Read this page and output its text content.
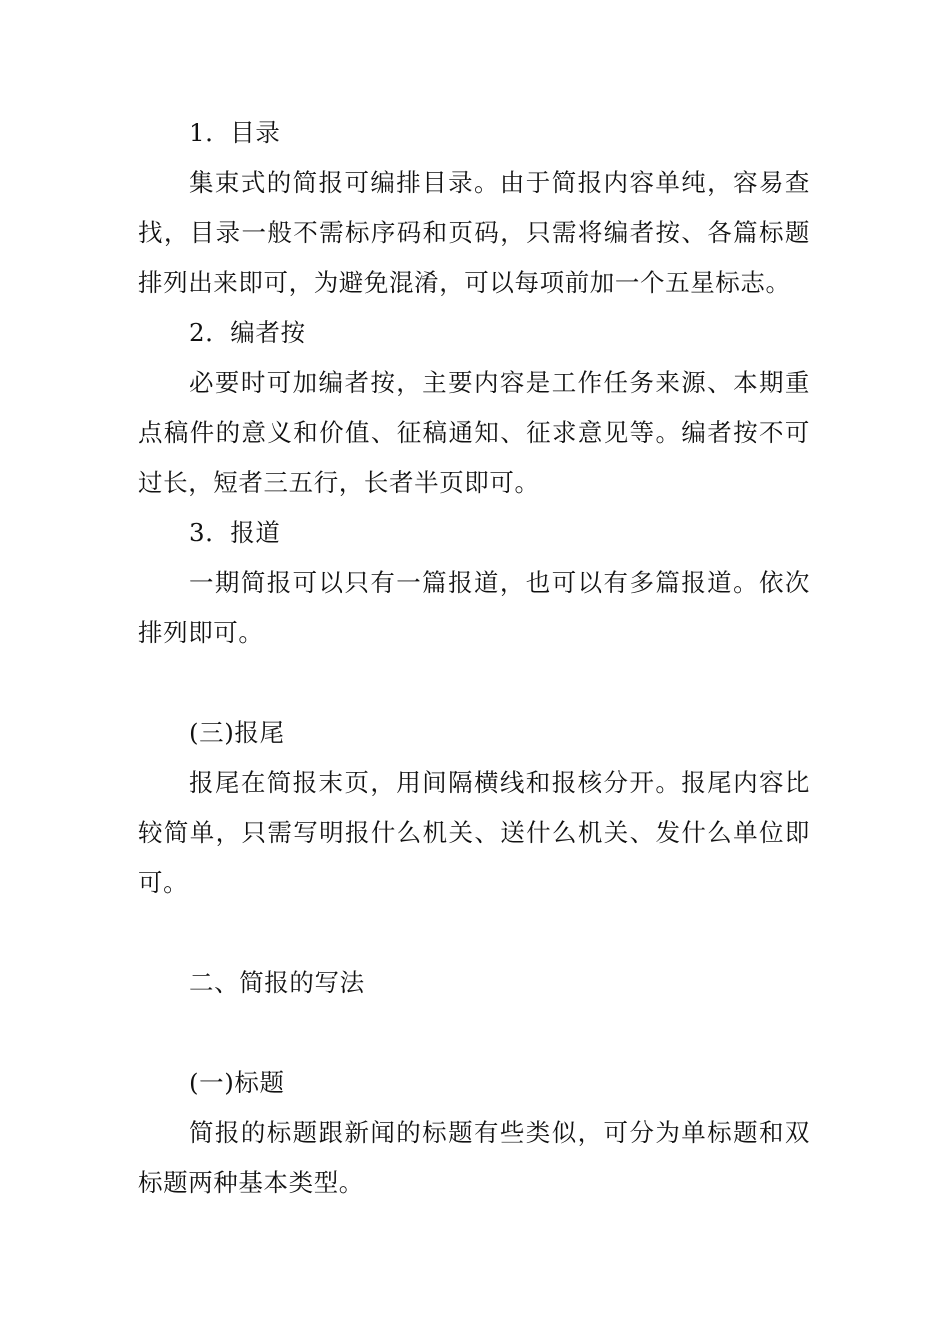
1．目录

集束式的简报可编排目录。由于简报内容单纯，容易查找，目录一般不需标序码和页码，只需将编者按、各篇标题排列出来即可，为避免混淆，可以每项前加一个五星标志。

2．编者按

必要时可加编者按，主要内容是工作任务来源、本期重点稿件的意义和价值、征稿通知、征求意见等。编者按不可过长，短者三五行，长者半页即可。

3．报道

一期简报可以只有一篇报道，也可以有多篇报道。依次排列即可。

(三)报尾

报尾在简报末页，用间隔横线和报核分开。报尾内容比较简单，只需写明报什么机关、送什么机关、发什么单位即可。

二、简报的写法

(一)标题

简报的标题跟新闻的标题有些类似，可分为单标题和双标题两种基本类型。
